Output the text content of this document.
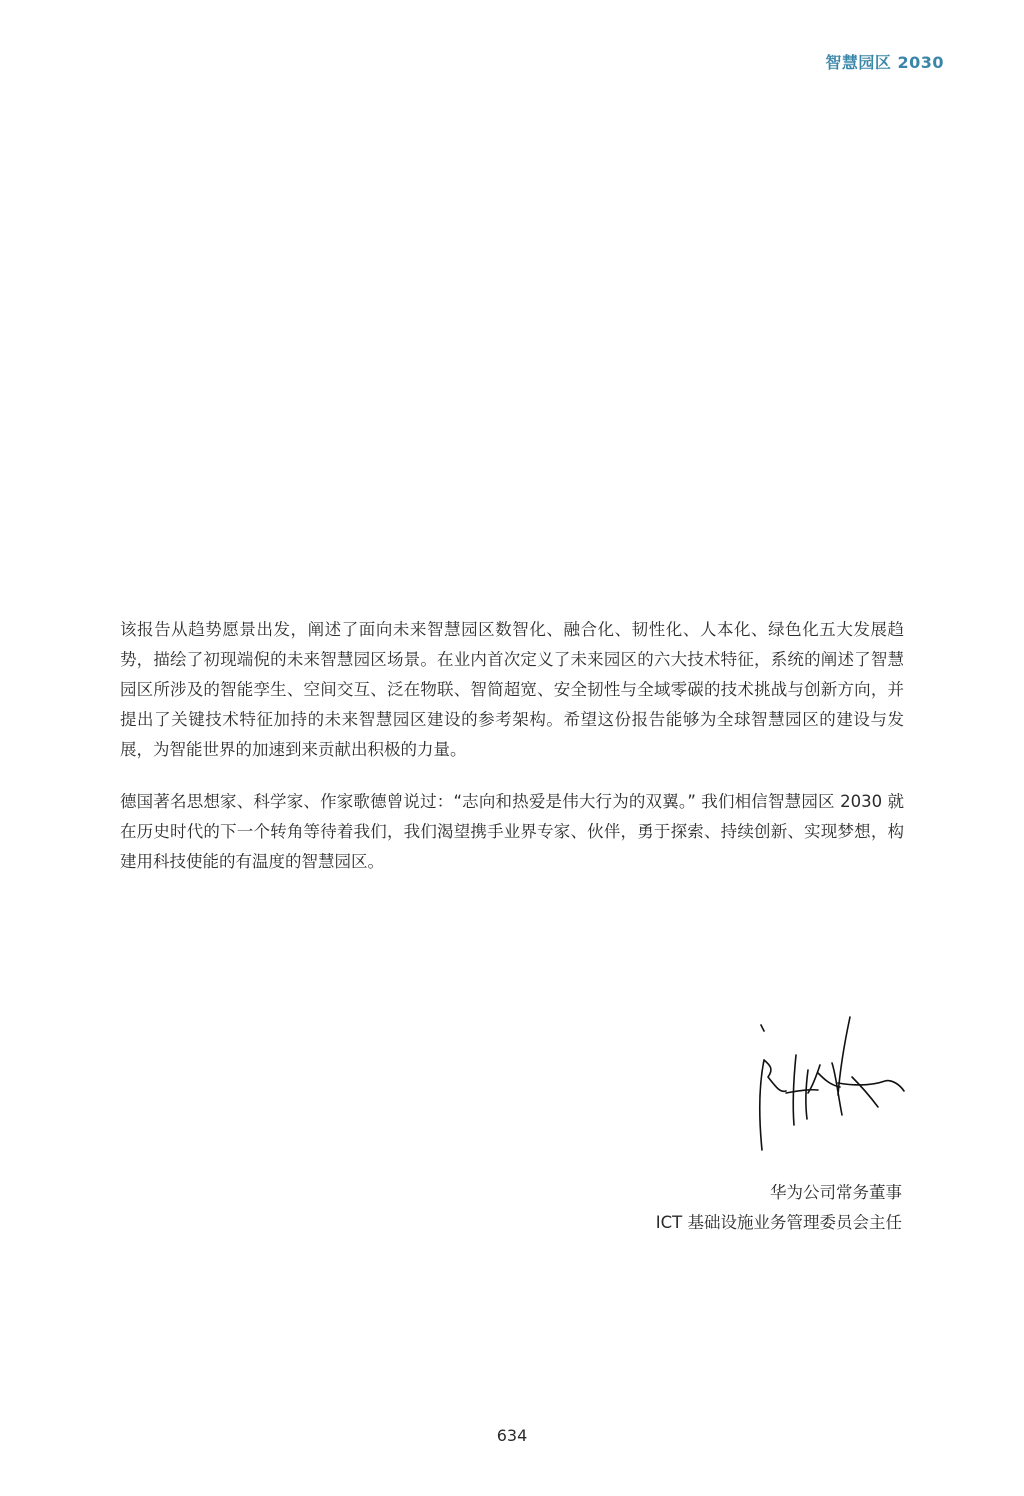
智慧园区 2030

该报告从趋势愿景出发，阐述了面向未来智慧园区数智化、融合化、韧性化、人本化、绿色化五大发展趋势，描绘了初现端倪的未来智慧园区场景。在业内首次定义了未来园区的六大技术特征，系统的阐述了智慧园区所涉及的智能孪生、空间交互、泛在物联、智简超宽、安全韧性与全域零碳的技术挑战与创新方向，并提出了关键技术特征加持的未来智慧园区建设的参考架构。希望这份报告能够为全球智慧园区的建设与发展，为智能世界的加速到来贡献出积极的力量。

德国著名思想家、科学家、作家歌德曾说过：“志向和热爱是伟大行为的双翼。” 我们相信智慧园区 2030 就在历史时代的下一个转角等待着我们，我们渴望携手业界专家、伙伴，勇于探索、持续创新、实现梦想，构建用科技使能的有温度的智慧园区。

华为公司常务董事
ICT 基础设施业务管理委员会主任
634
